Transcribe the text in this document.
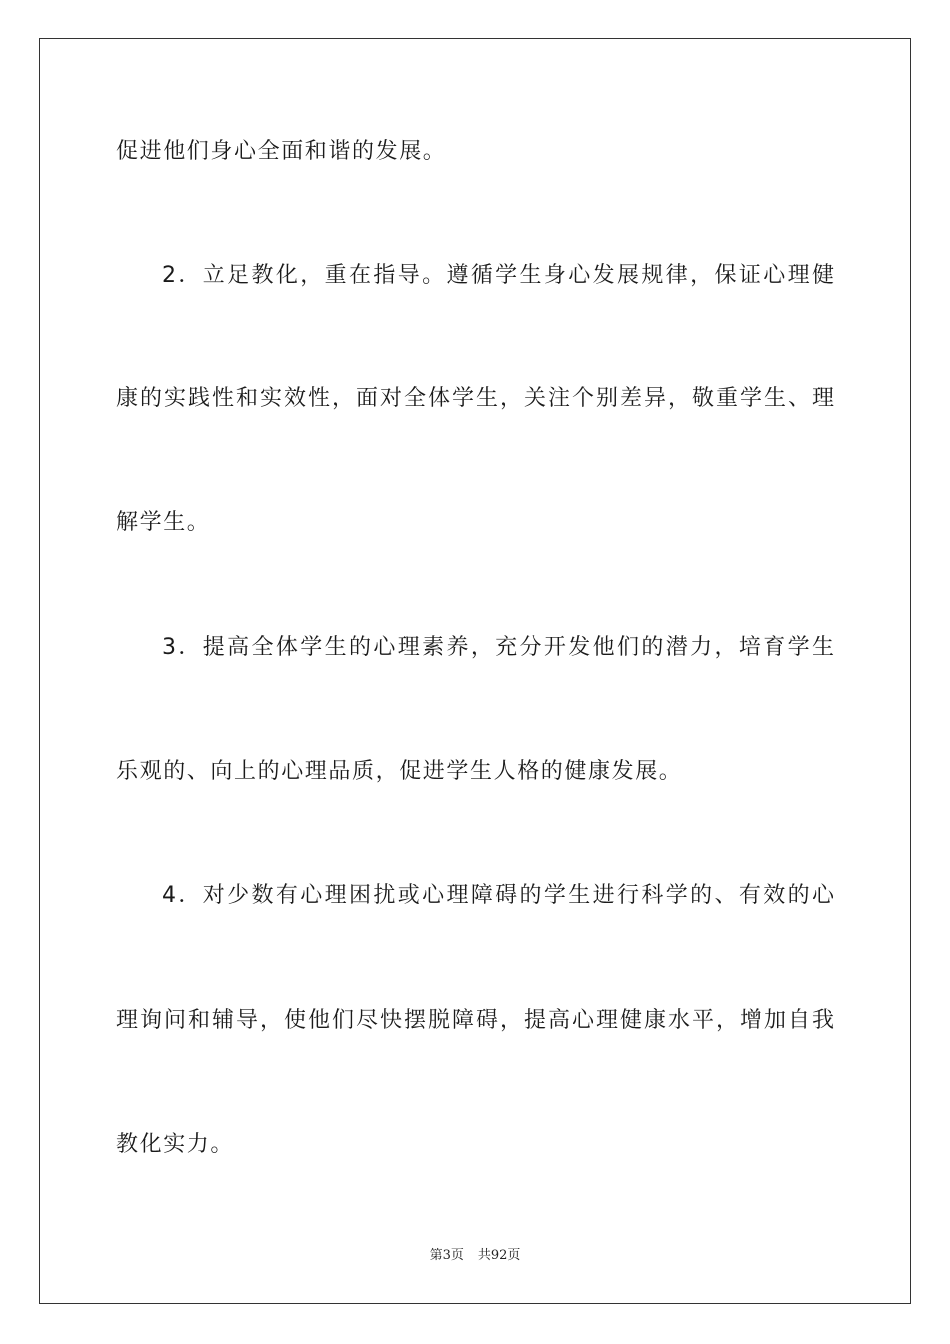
促进他们身心全面和谐的发展。

2．立足教化，重在指导。遵循学生身心发展规律，保证心理健

康的实践性和实效性，面对全体学生，关注个别差异，敬重学生、理

解学生。

3．提高全体学生的心理素养，充分开发他们的潜力，培育学生

乐观的、向上的心理品质，促进学生人格的健康发展。

4．对少数有心理困扰或心理障碍的学生进行科学的、有效的心

理询问和辅导，使他们尽快摆脱障碍，提高心理健康水平，增加自我

教化实力。

第3页 共92页
